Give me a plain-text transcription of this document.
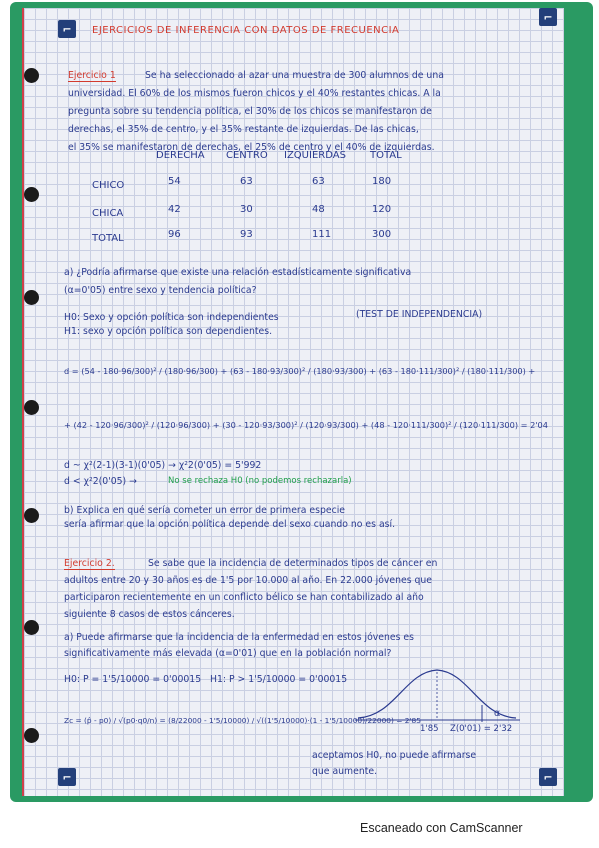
⌐
⌐
⌐	⌐
EJERCICIOS DE INFERENCIA CON DATOS DE FRECUENCIA
Ejercicio 1	Se ha seleccionado al azar una muestra de 300 alumnos de una
universidad. El 60% de los mismos fueron chicos y el 40% restantes chicas. A la
pregunta sobre su tendencia política, el 30% de los chicos se manifestaron de
derechas, el 35% de centro, y el 35% restante de izquierdas. De las chicas,
el 35% se manifestaron de derechas, el 25% de centro y el 40% de izquierdas.
DERECHA CENTRO IZQUIERDAS TOTAL
CHICO	54	63	63	180
CHICA	42	30	48	120
TOTAL	96	93	111	300
a) ¿Podría afirmarse que existe una relación estadísticamente significativa
(α=0'05) entre sexo y tendencia política?
H0: Sexo y opción política son independientes
H1: sexo y opción política son dependientes.
(TEST DE INDEPENDENCIA)
d = (54 - 180·96/300)² / (180·96/300) + (63 - 180·93/300)² / (180·93/300) + (63 - 180·111/300)² / (180·111/300) +
+ (42 - 120·96/300)² / (120·96/300) + (30 - 120·93/300)² / (120·93/300) + (48 - 120·111/300)² / (120·111/300) = 2'04
d ~ χ²(2-1)(3-1)(0'05) → χ²2(0'05) = 5'992
d < χ²2(0'05) →	No se rechaza H0 (no podemos rechazarla)
b) Explica en qué sería cometer un error de primera especie
sería afirmar que la opción política depende del sexo cuando no es así.
Ejercicio 2.	Se sabe que la incidencia de determinados tipos de cáncer en
adultos entre 20 y 30 años es de 1'5 por 10.000 al año. En 22.000 jóvenes que
participaron recientemente en un conflicto bélico se han contabilizado al año
siguiente 8 casos de estos cánceres.
a) Puede afirmarse que la incidencia de la enfermedad en estos jóvenes es
significativamente más elevada (α=0'01) que en la población normal?
H0: P = 1'5/10000 = 0'00015 H1: P > 1'5/10000 = 0'00015
Zc = (p̂ - p0) / √(p0·q0/n) = (8/22000 - 1'5/10000) / √((1'5/10000)·(1 - 1'5/10000)/22000) = 2'85
α
1'85 Z(0'01) = 2'32
aceptamos H0, no puede afirmarse
que aumente.
Escaneado con CamScanner
